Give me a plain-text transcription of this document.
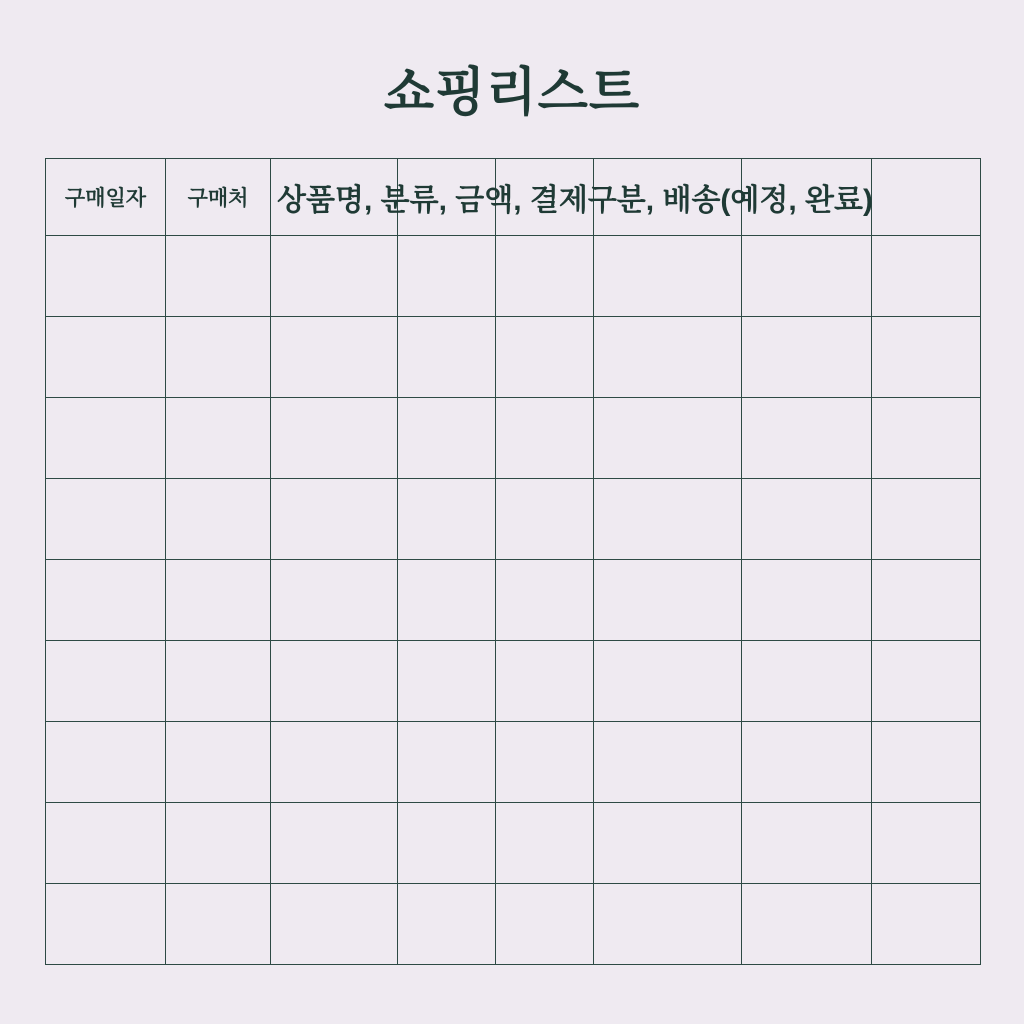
쇼핑리스트
구매일자	구매처	상품명, 분류, 금액, 결제구분, 배송(예정, 완료)					
